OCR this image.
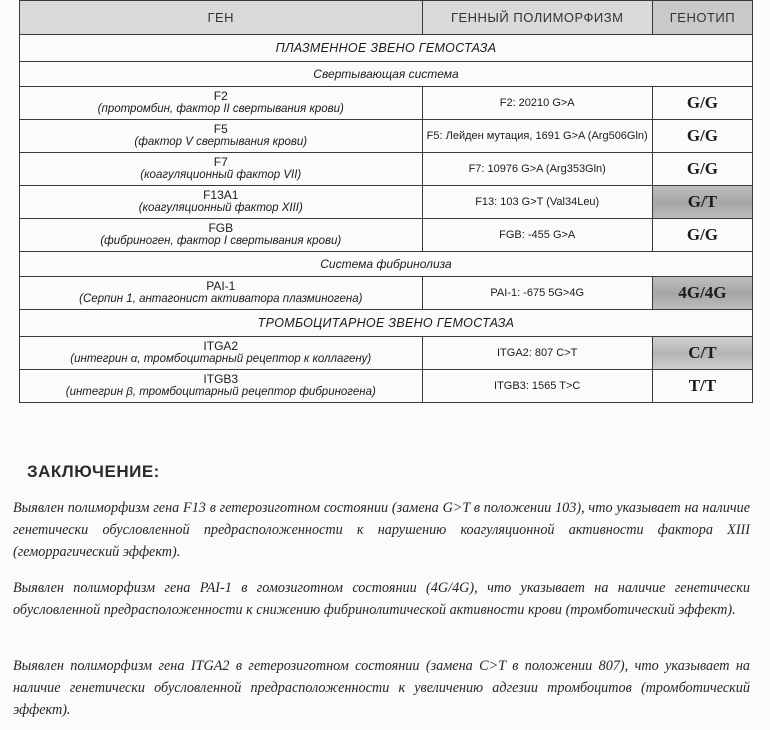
ГЕН	ГЕННЫЙ ПОЛИМОРФИЗМ	ГЕНОТИП
ПЛАЗМЕННОЕ ЗВЕНО ГЕМОСТАЗА		
Свертывающая система		

F2
(протромбин, фактор II свертывания крови)	F2: 20210 G>A	G/G

F5
(фактор V свертывания крови)	F5: Лейден мутация, 1691 G>A (Arg506Gln)	G/G

F7
(коагуляционный фактор VII)	F7: 10976 G>A (Arg353Gln)	G/G

F13A1
(коагуляционный фактор XIII)	F13: 103 G>T (Val34Leu)	G/T

FGB
(фибриноген, фактор I свертывания крови)	FGB: -455 G>A	G/G
Система фибринолиза		

PAI-1
(Серпин 1, антагонист активатора плазминогена)	PAI-1: -675 5G>4G	4G/4G
ТРОМБОЦИТАРНОЕ ЗВЕНО ГЕМОСТАЗА		

ITGA2
(интегрин α, тромбоцитарный рецептор к коллагену)	ITGA2: 807 C>T	C/T

ITGB3
(интегрин β, тромбоцитарный рецептор фибриногена)	ITGB3: 1565 T>C	T/T
ЗАКЛЮЧЕНИЕ:

Выявлен полиморфизм гена F13 в гетерозиготном состоянии (замена G>T в положении 103), что указывает на наличие генетически обусловленной предрасположенности к нарушению коагуляционной активности фактора XIII (геморрагический эффект).

Выявлен полиморфизм гена PAI-1 в гомозиготном состоянии (4G/4G), что указывает на наличие генетически обусловленной предрасположенности к снижению фибринолитической активности крови (тромботический эффект).

Выявлен полиморфизм гена ITGA2 в гетерозиготном состоянии (замена C>T в положении 807), что указывает на наличие генетически обусловленной предрасположенности к увеличению адгезии тромбоцитов (тромботический эффект).
